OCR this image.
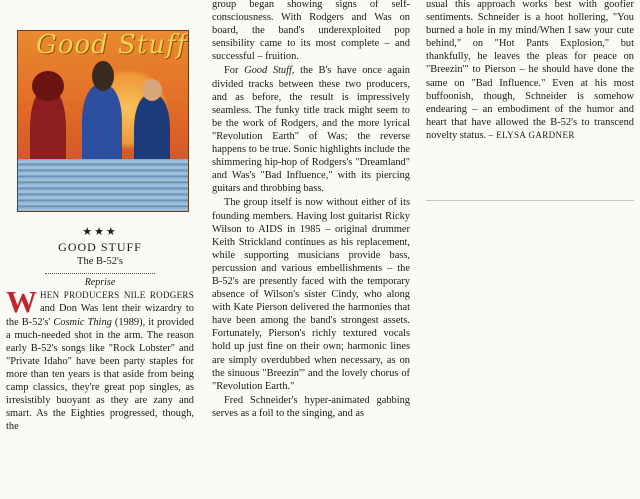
Good Stuff
★★★
GOOD STUFF
The B-52's
Reprise

WHEN PRODUCERS NILE RODGERS and Don Was lent their wizardry to the B-52's' Cosmic Thing (1989), it provided a much-needed shot in the arm. The reason early B-52's songs like "Rock Lobster" and "Private Idaho" have been party staples for more than ten years is that aside from being camp classics, they're great pop singles, as irresistibly buoyant as they are zany and smart. As the Eighties progressed, though, the

group began showing signs of self-consciousness. With Rodgers and Was on board, the band's underexploited pop sensibility came to its most complete – and successful – fruition.

For Good Stuff, the B's have once again divided tracks between these two producers, and as before, the result is impressively seamless. The funky title track might seem to be the work of Rodgers, and the more lyrical "Revolution Earth" of Was; the reverse happens to be true. Sonic highlights include the shimmering hip-hop of Rodgers's "Dreamland" and Was's "Bad Influence," with its piercing guitars and throbbing bass.

The group itself is now without either of its founding members. Having lost guitarist Ricky Wilson to AIDS in 1985 – original drummer Keith Strickland continues as his replacement, while supporting musicians provide bass, percussion and various embellishments – the B-52's are presently faced with the temporary absence of Wilson's sister Cindy, who along with Kate Pierson delivered the harmonies that have been among the band's strongest assets. Fortunately, Pierson's richly textured vocals hold up just fine on their own; harmonic lines are simply overdubbed when necessary, as on the sinuous "Breezin'" and the lovely chorus of "Revolution Earth."

Fred Schneider's hyper-animated gabbing serves as a foil to the singing, and as

usual this approach works best with goofier sentiments. Schneider is a hoot hollering, "You burned a hole in my mind/When I saw your cute behind," on "Hot Pants Explosion," but thankfully, he leaves the pleas for peace on "Breezin'" to Pierson – he should have done the same on "Bad Influence." Even at his most buffoonish, though, Schneider is somehow endearing – an embodiment of the humor and heart that have allowed the B-52's to transcend novelty status. – ELYSA GARDNER
